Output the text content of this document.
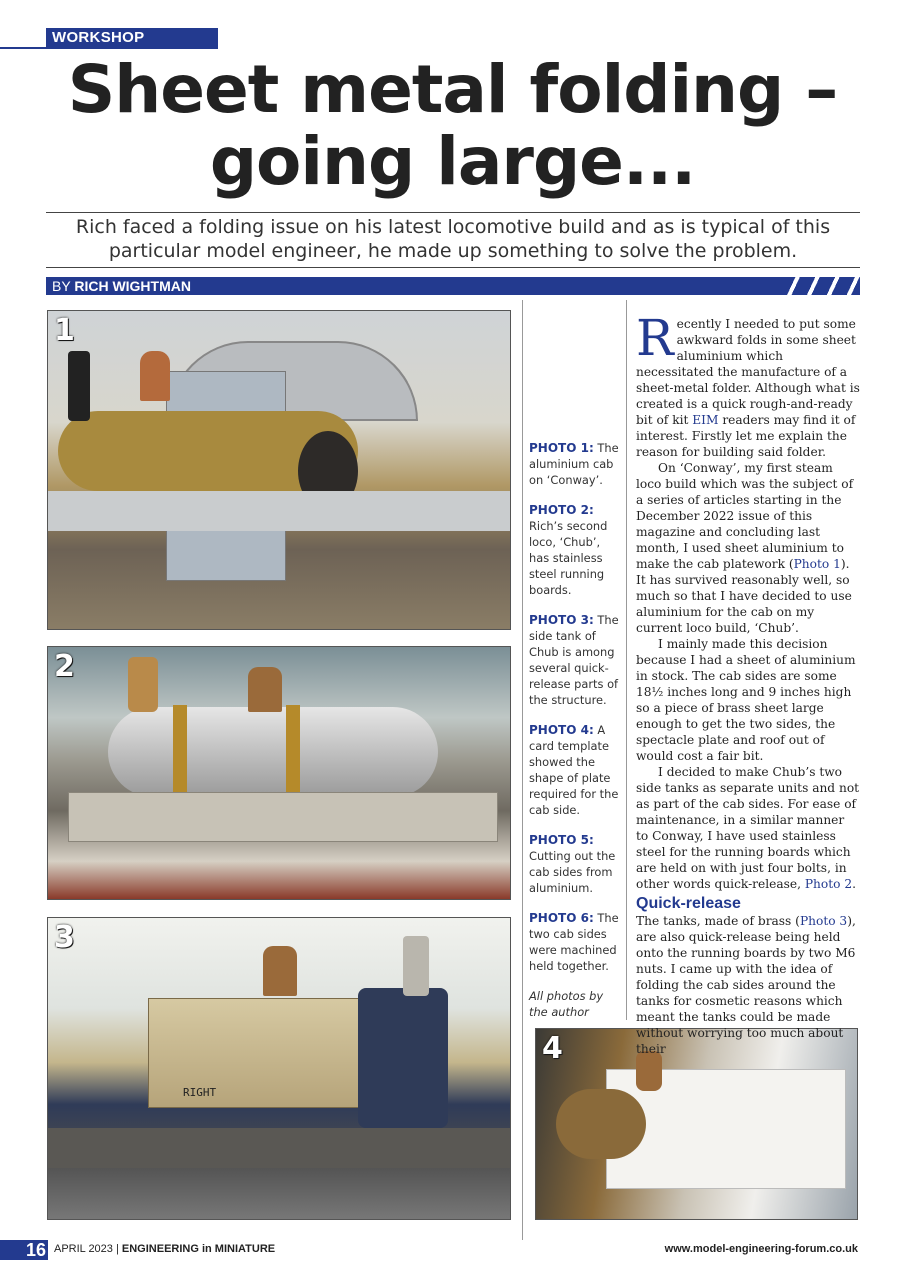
WORKSHOP
Sheet metal folding –
going large...
Rich faced a folding issue on his latest locomotive build and as is typical of this particular model engineer, he made up something to solve the problem.
BY RICH WIGHTMAN
1
2
RIGHT
3
4
PHOTO 1: The aluminium cab on ‘Conway’.
PHOTO 2: Rich’s second loco, ‘Chub’, has stainless steel running boards.
PHOTO 3: The side tank of Chub is among several quick-release parts of the structure.
PHOTO 4: A card template showed the shape of plate required for the cab side.
PHOTO 5: Cutting out the cab sides from aluminium.
PHOTO 6: The two cab sides were machined held together.
All photos by the author

Recently I needed to put some awkward folds in some sheet aluminium which necessitated the manufacture of a sheet-metal folder. Although what is created is a quick rough-and-ready bit of kit EIM readers may find it of interest. Firstly let me explain the reason for building said folder.

On ‘Conway’, my first steam loco build which was the subject of a series of articles starting in the December 2022 issue of this magazine and concluding last month, I used sheet aluminium to make the cab platework (Photo 1). It has survived reasonably well, so much so that I have decided to use aluminium for the cab on my current loco build, ‘Chub’.

I mainly made this decision because I had a sheet of aluminium in stock. The cab sides are some 18½ inches long and 9 inches high so a piece of brass sheet large enough to get the two sides, the spectacle plate and roof out of would cost a fair bit.

I decided to make Chub’s two side tanks as separate units and not as part of the cab sides. For ease of maintenance, in a similar manner to Conway, I have used stainless steel for the running boards which are held on with just four bolts, in other words quick-release, Photo 2.

Quick-release

The tanks, made of brass (Photo 3), are also quick-release being held onto the running boards by two M6 nuts. I came up with the idea of folding the cab sides around the tanks for cosmetic reasons which meant the tanks could be made without worrying too much about their

16 APRIL 2023 | ENGINEERING in MINIATURE	www.model-engineering-forum.co.uk
